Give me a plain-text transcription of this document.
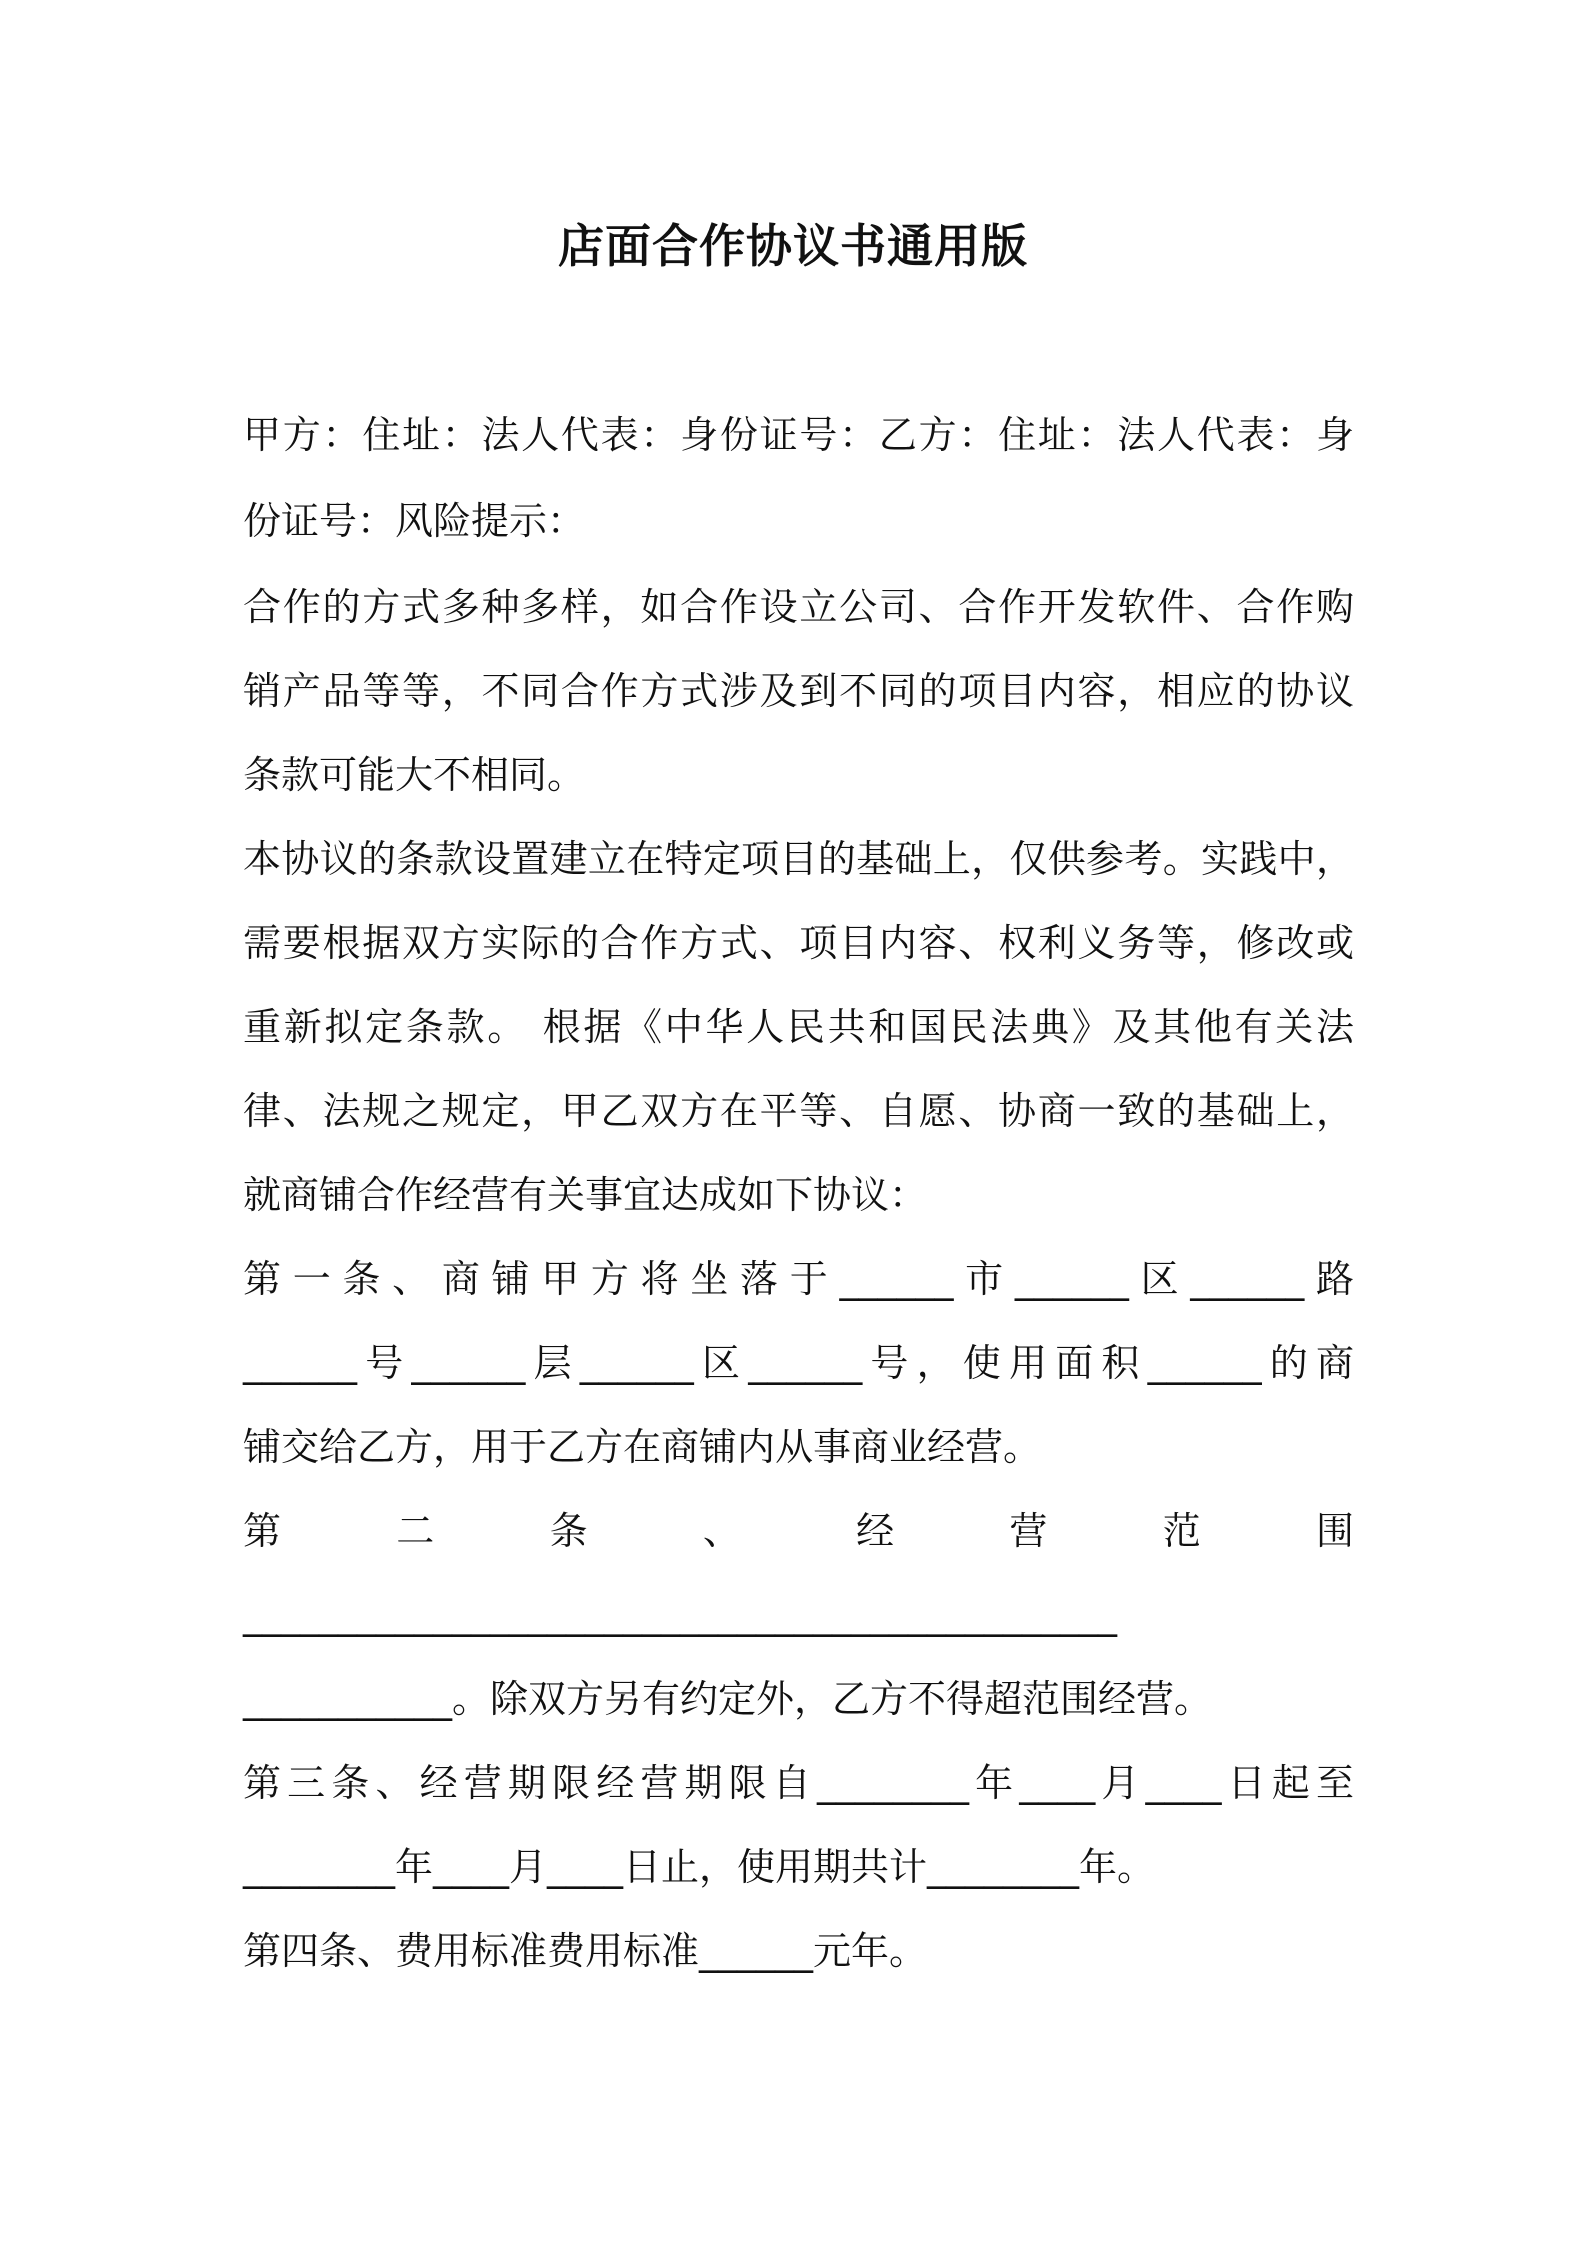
店面合作协议书通用版
甲方：住址：法人代表：身份证号：乙方：住址：法人代表：身
份证号：风险提示：
合作的方式多种多样，如合作设立公司、合作开发软件、合作购
销产品等等，不同合作方式涉及到不同的项目内容，相应的协议
条款可能大不相同。
本协议的条款设置建立在特定项目的基础上，仅供参考。实践中，
需要根据双方实际的合作方式、项目内容、权利义务等，修改或
重新拟定条款。 根据《中华人民共和国民法典》及其他有关法
律、法规之规定，甲乙双方在平等、自愿、协商一致的基础上，
就商铺合作经营有关事宜达成如下协议：
第一条、商铺甲方将坐落于______市______区______路
______号______层______区______号，使用面积______的商
铺交给乙方，用于乙方在商铺内从事商业经营。
第 二 条 、 经 营 范 围
______________________________________________
___________。除双方另有约定外，乙方不得超范围经营。
第三条、经营期限经营期限自________年____月____日起至
________年____月____日止，使用期共计________年。
第四条、费用标准费用标准______元年。
